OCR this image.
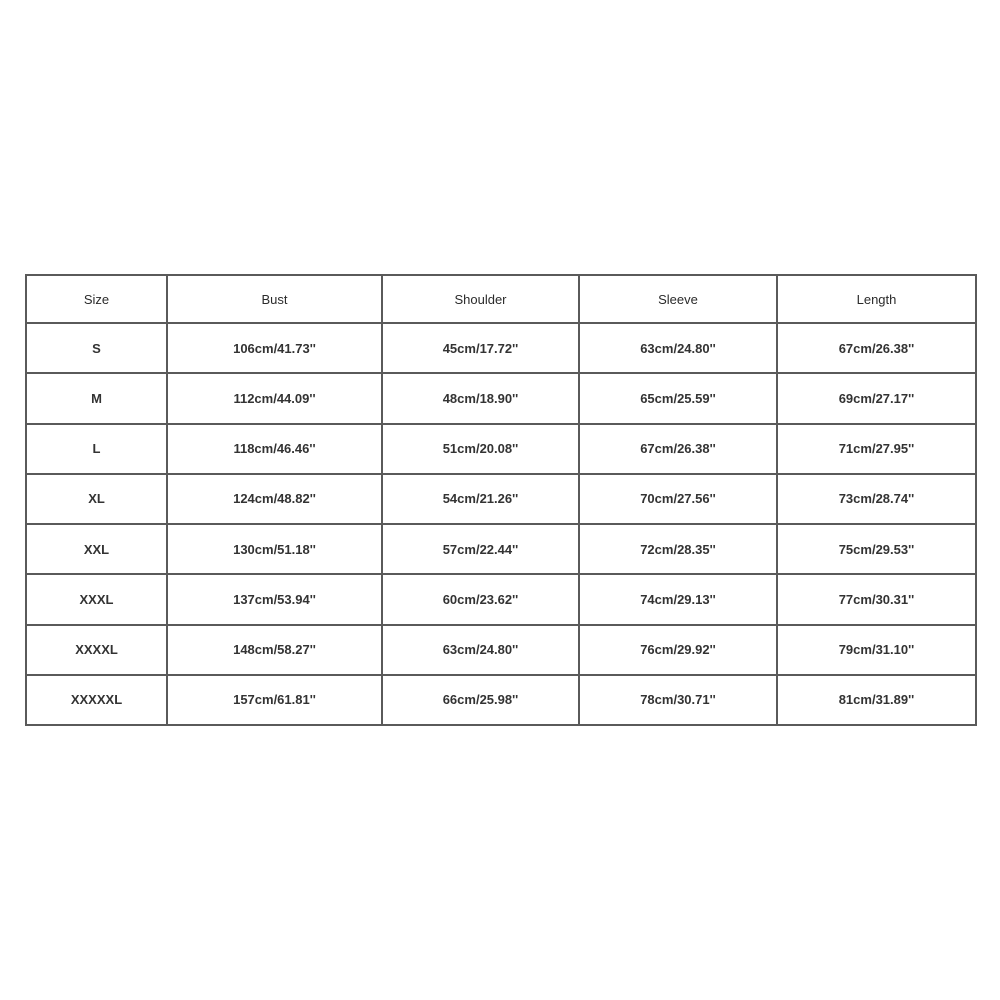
Size	Bust	Shoulder	Sleeve	Length
S	106cm/41.73''	45cm/17.72''	63cm/24.80''	67cm/26.38''
M	112cm/44.09''	48cm/18.90''	65cm/25.59''	69cm/27.17''
L	118cm/46.46''	51cm/20.08''	67cm/26.38''	71cm/27.95''
XL	124cm/48.82''	54cm/21.26''	70cm/27.56''	73cm/28.74''
XXL	130cm/51.18''	57cm/22.44''	72cm/28.35''	75cm/29.53''
XXXL	137cm/53.94''	60cm/23.62''	74cm/29.13''	77cm/30.31''
XXXXL	148cm/58.27''	63cm/24.80''	76cm/29.92''	79cm/31.10''
XXXXXL	157cm/61.81''	66cm/25.98''	78cm/30.71''	81cm/31.89''
